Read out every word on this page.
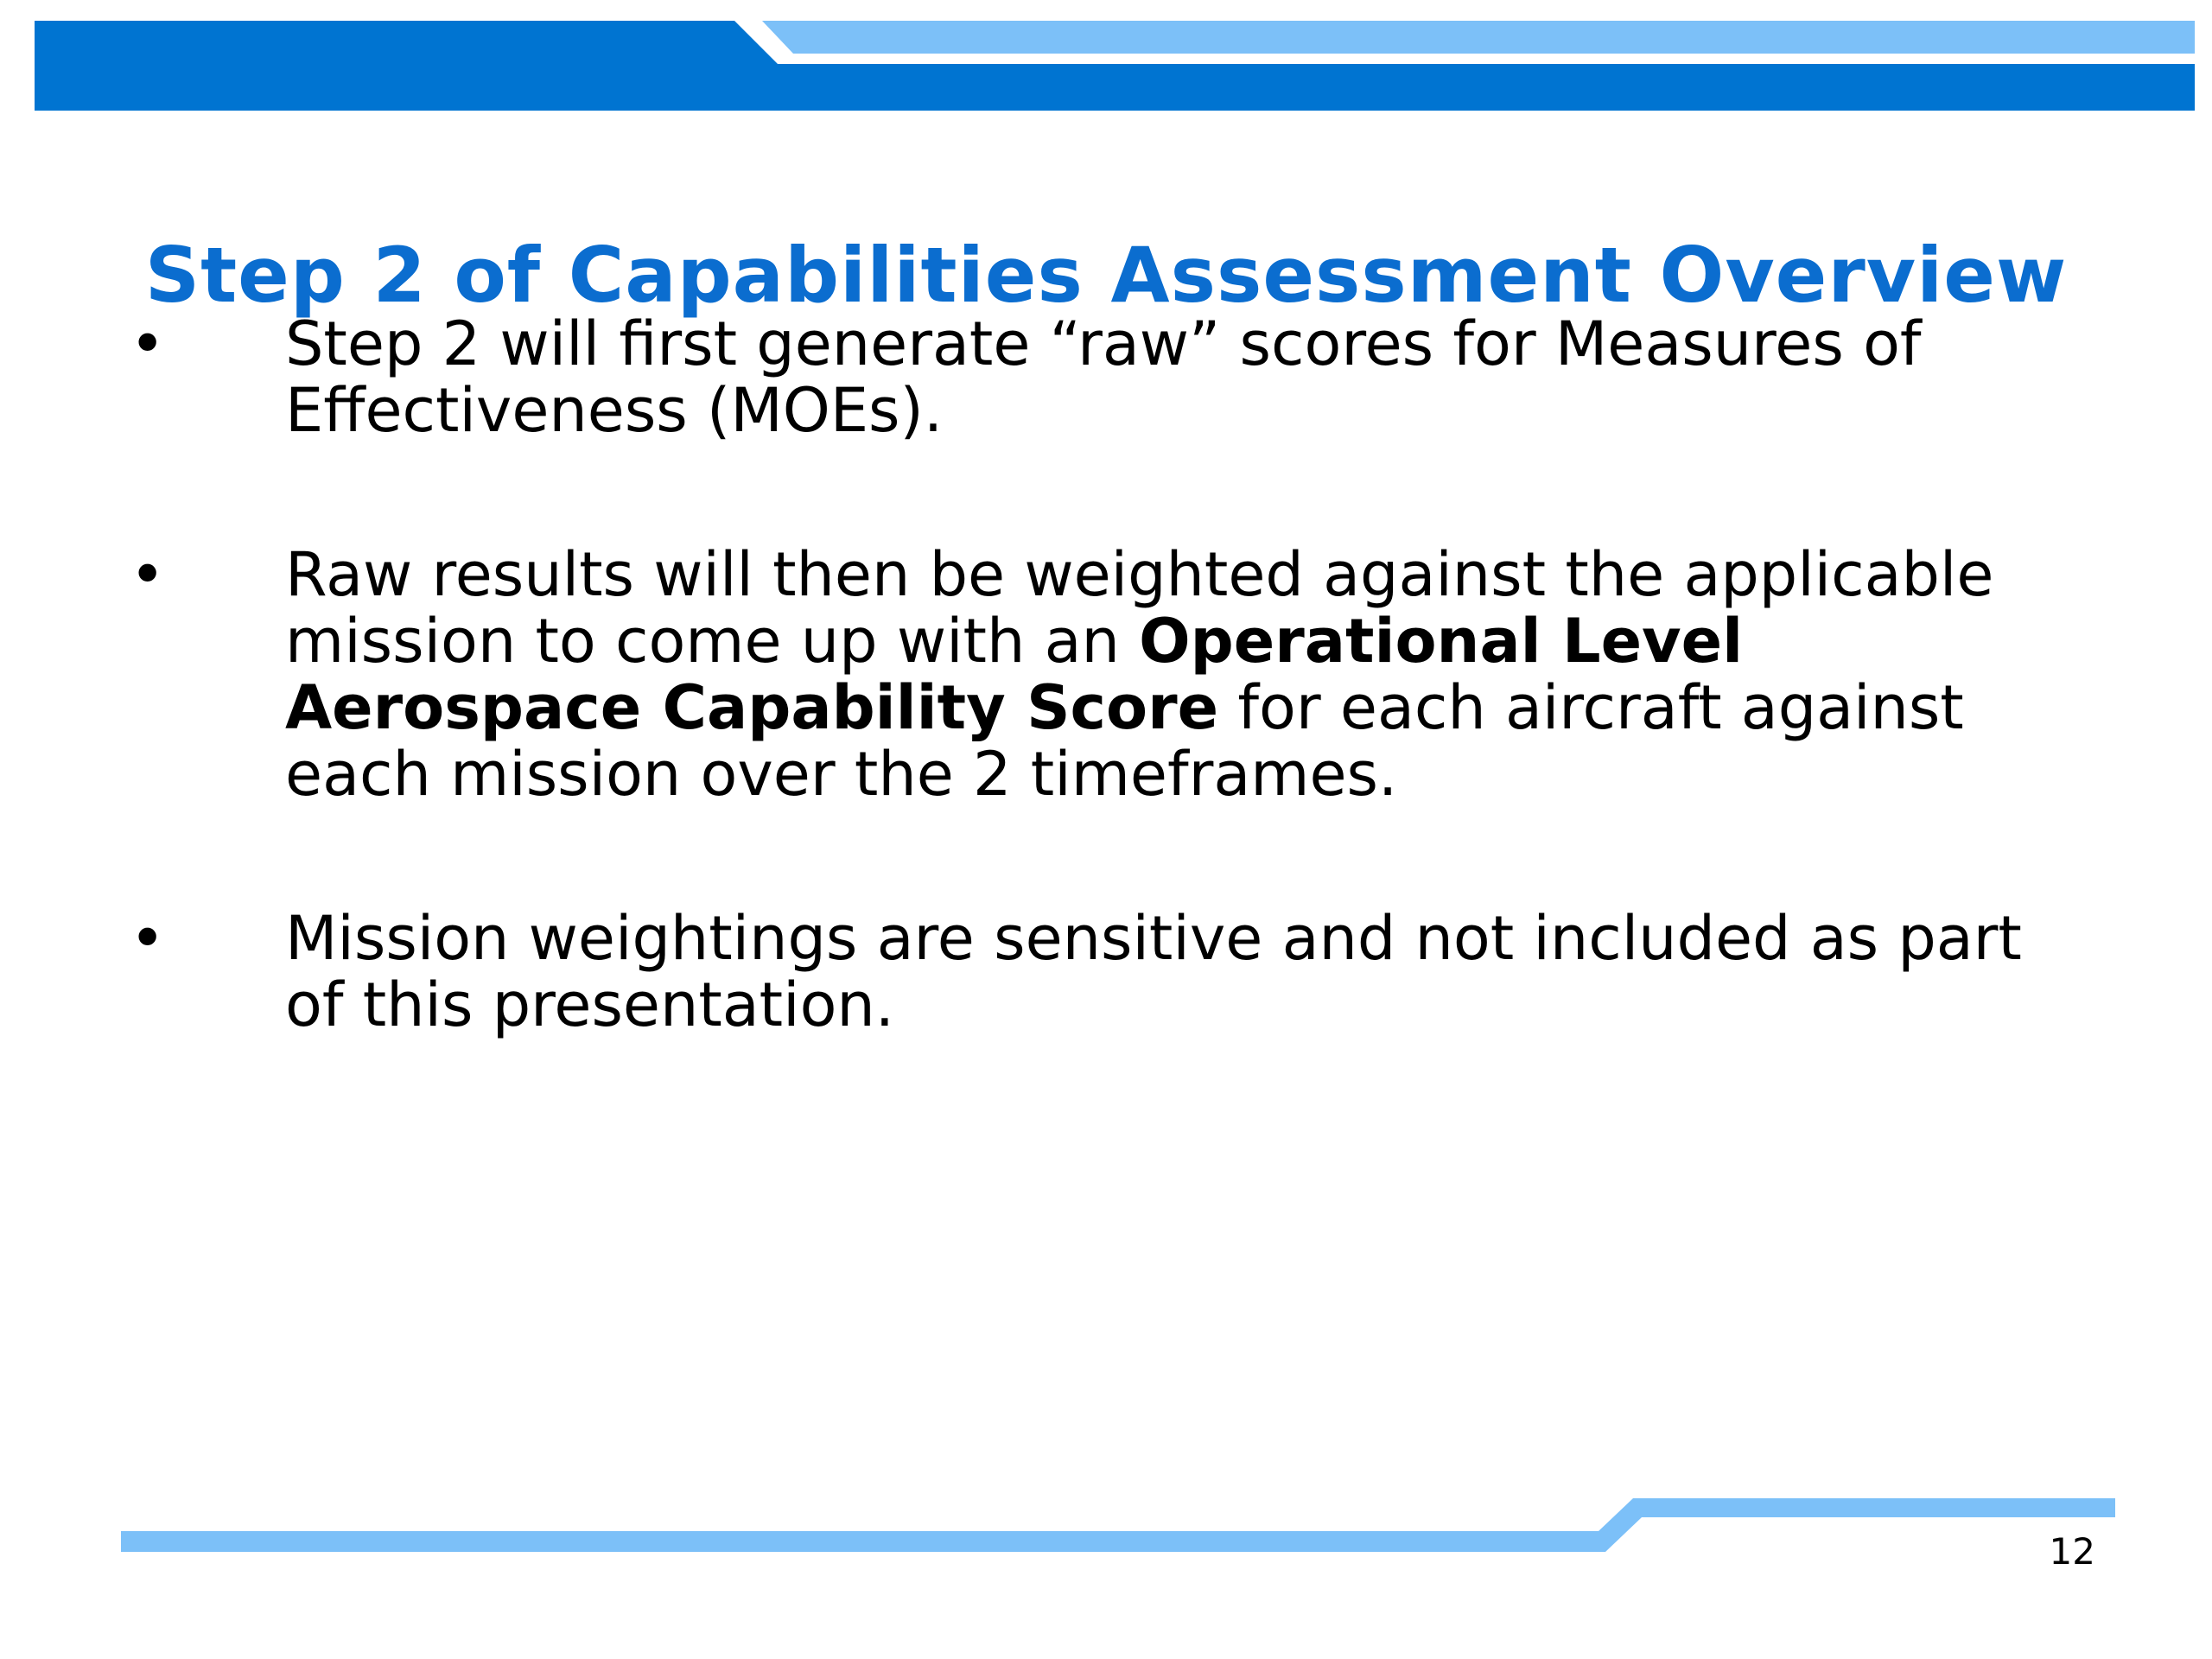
Step 2 of Capabilities Assessment Overview
• Step 2 will first generate “raw” scores for Measures of Effectiveness (MOEs).
• Raw results will then be weighted against the applicable mission to come up with an Operational Level Aerospace Capability Score for each aircraft against each mission over the 2 timeframes.
• Mission weightings are sensitive and not included as part of this presentation.
12
